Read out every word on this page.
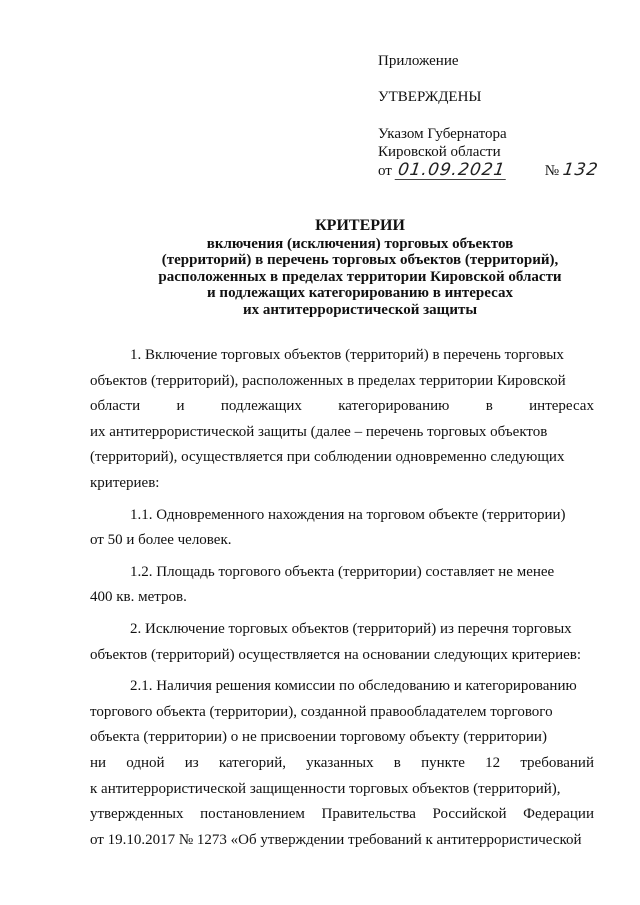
Приложение
УТВЕРЖДЕНЫ
Указом Губернатора
Кировской области
от 01.09.2021	№ 132
КРИТЕРИИ
включения (исключения) торговых объектов
(территорий) в перечень торговых объектов (территорий),
расположенных в пределах территории Кировской области
и подлежащих категорированию в интересах
их антитеррористической защиты
1. Включение торговых объектов (территорий) в перечень торговых
объектов (территорий), расположенных в пределах территории Кировской
области и подлежащих категорированию в интересах
их антитеррористической защиты (далее – перечень торговых объектов
(территорий), осуществляется при соблюдении одновременно следующих
критериев:
1.1. Одновременного нахождения на торговом объекте (территории)
от 50 и более человек.
1.2. Площадь торгового объекта (территории) составляет не менее
400 кв. метров.
2. Исключение торговых объектов (территорий) из перечня торговых
объектов (территорий) осуществляется на основании следующих критериев:
2.1. Наличия решения комиссии по обследованию и категорированию
торгового объекта (территории), созданной правообладателем торгового
объекта (территории) о не присвоении торговому объекту (территории)
ни одной из категорий, указанных в пункте 12 требований
к антитеррористической защищенности торговых объектов (территорий),
утвержденных постановлением Правительства Российской Федерации
от 19.10.2017 № 1273 «Об утверждении требований к антитеррористической
